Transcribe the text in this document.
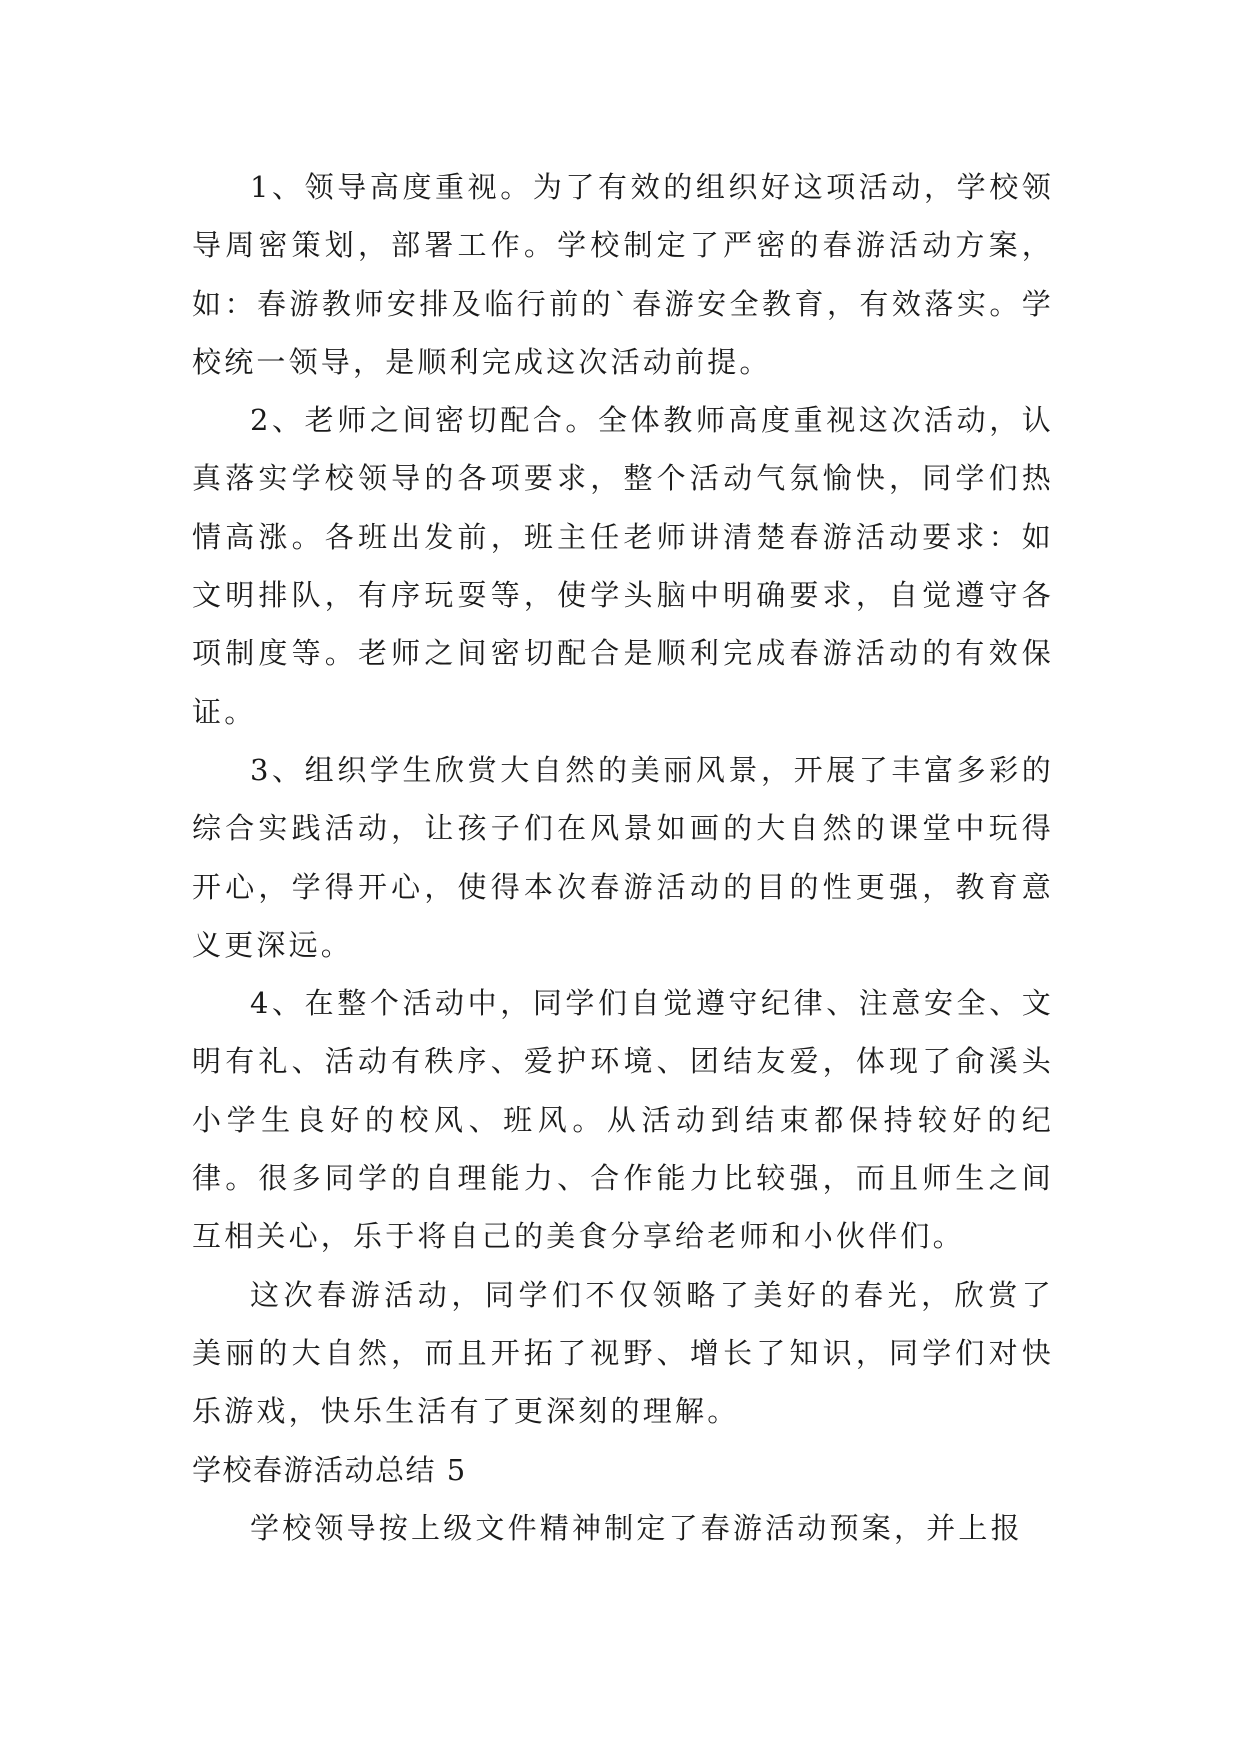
1、领导高度重视。为了有效的组织好这项活动，学校领导周密策划，部署工作。学校制定了严密的春游活动方案，如：春游教师安排及临行前的`春游安全教育，有效落实。学校统一领导，是顺利完成这次活动前提。

2、老师之间密切配合。全体教师高度重视这次活动，认真落实学校领导的各项要求，整个活动气氛愉快，同学们热情高涨。各班出发前，班主任老师讲清楚春游活动要求：如文明排队，有序玩耍等，使学头脑中明确要求，自觉遵守各项制度等。老师之间密切配合是顺利完成春游活动的有效保证。

3、组织学生欣赏大自然的美丽风景，开展了丰富多彩的综合实践活动，让孩子们在风景如画的大自然的课堂中玩得开心，学得开心，使得本次春游活动的目的性更强，教育意义更深远。

4、在整个活动中，同学们自觉遵守纪律、注意安全、文明有礼、活动有秩序、爱护环境、团结友爱，体现了俞溪头小学生良好的校风、班风。从活动到结束都保持较好的纪律。很多同学的自理能力、合作能力比较强，而且师生之间互相关心，乐于将自己的美食分享给老师和小伙伴们。

这次春游活动，同学们不仅领略了美好的春光，欣赏了美丽的大自然，而且开拓了视野、增长了知识，同学们对快乐游戏，快乐生活有了更深刻的理解。

学校春游活动总结 5

学校领导按上级文件精神制定了春游活动预案，并上报
